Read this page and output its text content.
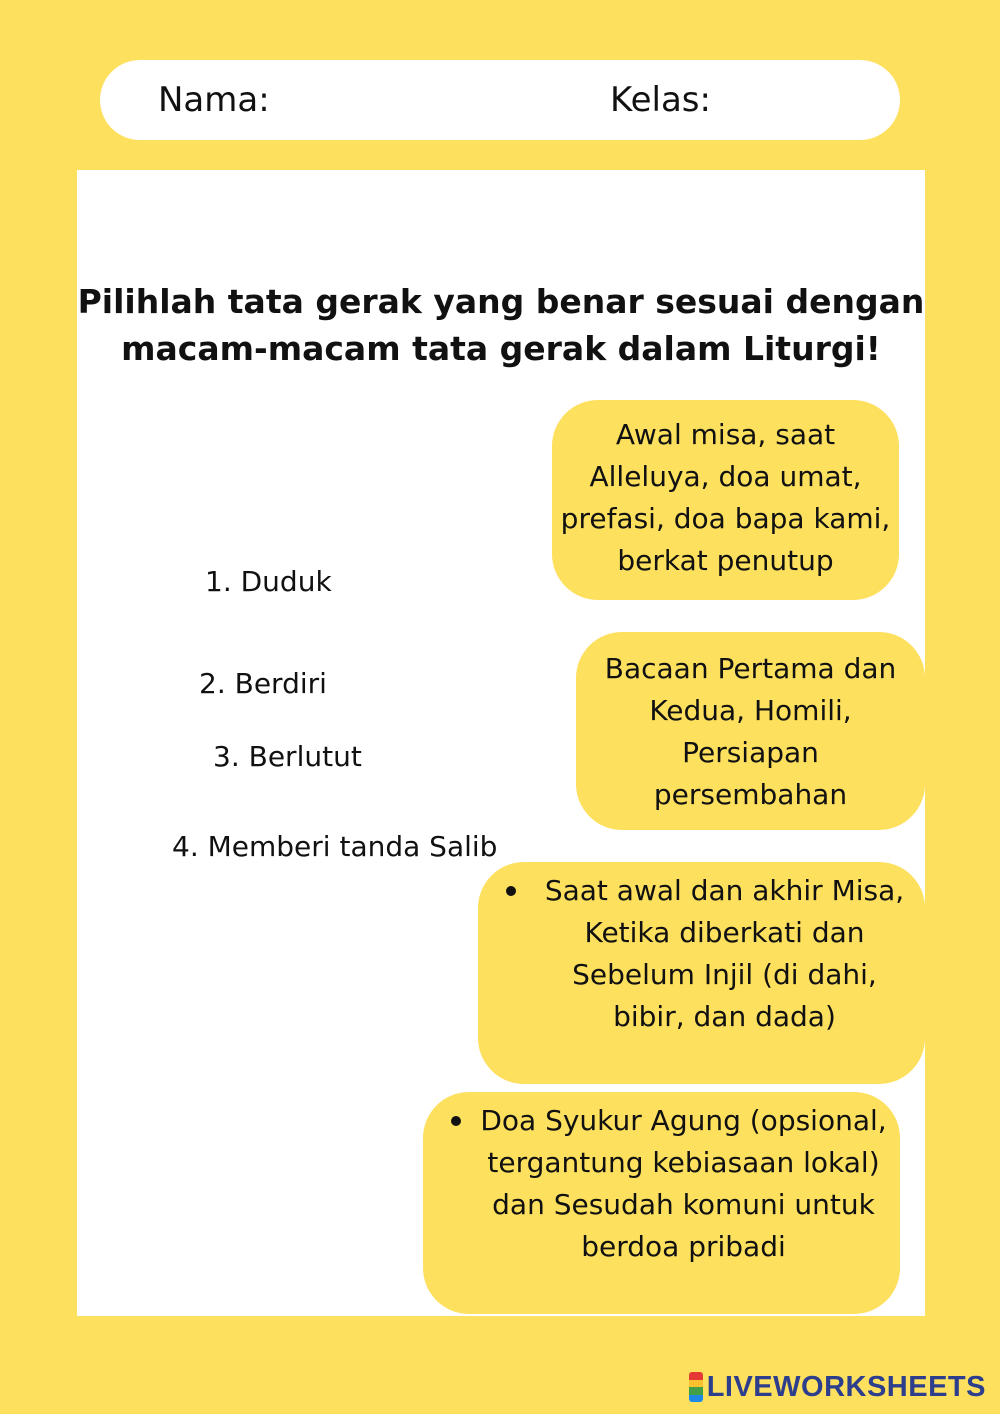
Nama:	Kelas:
Pilihlah tata gerak yang benar sesuai dengan
macam-macam tata gerak dalam Liturgi!
1. Duduk
2. Berdiri
3. Berlutut
4. Memberi tanda Salib
Awal misa, saat
Alleluya, doa umat,
prefasi, doa bapa kami,
berkat penutup
Bacaan Pertama dan
Kedua, Homili,
Persiapan
persembahan
Saat awal dan akhir Misa,
Ketika diberkati dan
Sebelum Injil (di dahi,
bibir, dan dada)
Doa Syukur Agung (opsional,
tergantung kebiasaan lokal)
dan Sesudah komuni untuk
berdoa pribadi
LIVEWORKSHEETS
